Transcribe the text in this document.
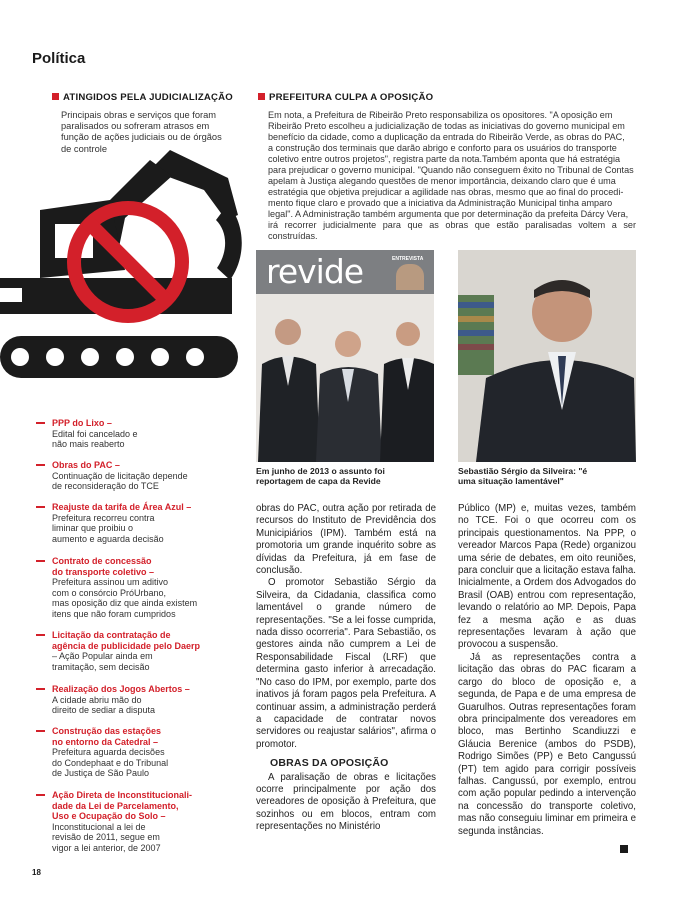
Política
ATINGIDOS PELA JUDICIALIZAÇÃO
Principais obras e serviços que foram
paralisados ou sofreram atrasos em
função de ações judiciais ou de órgãos
de controle
PPP do Lixo –
Edital foi cancelado e
não mais reaberto
Obras do PAC –
Continuação de licitação depende
de reconsideração do TCE
Reajuste da tarifa de Área Azul –
Prefeitura recorreu contra
liminar que proibiu o
aumento e aguarda decisão
Contrato de concessão
do transporte coletivo –
Prefeitura assinou um aditivo
com o consórcio PróUrbano,
mas oposição diz que ainda existem
itens que não foram cumpridos
Licitação da contratação de
agência de publicidade pelo Daerp
– Ação Popular ainda em
tramitação, sem decisão
Realização dos Jogos Abertos –
A cidade abriu mão do
direito de sediar a disputa
Construção das estações
no entorno da Catedral –
Prefeitura aguarda decisões
do Condephaat e do Tribunal
de Justiça de São Paulo
Ação Direta de Inconstitucionali-
dade da Lei de Parcelamento,
Uso e Ocupação do Solo –
Inconstitucional a lei de
revisão de 2011, segue em
vigor a lei anterior, de 2007
PREFEITURA CULPA A OPOSIÇÃO

Em nota, a Prefeitura de Ribeirão Preto responsabiliza os opositores. "A oposição em

Ribeirão Preto escolheu a judicialização de todas as iniciativas do governo municipal em

benefício da cidade, como a duplicação da entrada do Ribeirão Verde, as obras do PAC,

a construção dos terminais que darão abrigo e conforto para os usuários do transporte

coletivo entre outros projetos", registra parte da nota.Também aponta que há estratégia

para prejudicar o governo municipal. "Quando não conseguem êxito no Tribunal de Contas

apelam à Justiça alegando questões de menor importância, deixando claro que é uma

estratégia que objetiva prejudicar a agilidade nas obras, mesmo que ao final do procedi-

mento fique claro e provado que a iniciativa da Administração Municipal tinha amparo

legal". A Administração também argumenta que por determinação da prefeita Dárcy Vera,

irá recorrer judicialmente para que as obras que estão paralisadas voltem a ser construídas.

revide	ENTREVISTA
Em junho de 2013 o assunto foi
reportagem de capa da Revide
Sebastião Sérgio da Silveira: "é
uma situação lamentável"

obras do PAC, outra ação por retirada de recursos do Instituto de Previdência dos Municipiários (IPM). Também está na promotoria um grande inquérito sobre as dívidas da Prefeitura, já em fase de conclusão.

O promotor Sebastião Sérgio da Silveira, da Cidadania, classifica como lamentável o grande número de representações. "Se a lei fosse cumprida, nada disso ocorreria". Para Sebastião, os gestores ainda não cumprem a Lei de Responsabilidade Fiscal (LRF) que determina gasto inferior à arrecadação. "No caso do IPM, por exemplo, parte dos inativos já foram pagos pela Prefeitura. A continuar assim, a administração perderá a capacidade de contratar novos servidores ou reajustar salários", afirma o promotor.

OBRAS DA OPOSIÇÃO

A paralisação de obras e licitações ocorre principalmente por ação dos vereadores de oposição à Prefeitura, que sozinhos ou em blocos, entram com representações no Ministério

Público (MP) e, muitas vezes, também no TCE. Foi o que ocorreu com os principais questionamentos. Na PPP, o vereador Marcos Papa (Rede) organizou uma série de debates, em oito reuniões, para concluir que a licitação estava falha. Inicialmente, a Ordem dos Advogados do Brasil (OAB) entrou com representação, levando o relatório ao MP. Depois, Papa fez a mesma ação e as duas representações levaram à ação que provocou a suspensão.

Já as representações contra a licitação das obras do PAC ficaram a cargo do bloco de oposição e, a segunda, de Papa e de uma empresa de Guarulhos. Outras representações foram obra principalmente dos vereadores em bloco, mas Bertinho Scandiuzzi e Gláucia Berenice (ambos do PSDB), Rodrigo Simões (PP) e Beto Cangussú (PT) tem agido para corrigir possíveis falhas. Cangussú, por exemplo, entrou com ação popular pedindo a intervenção na concessão do transporte coletivo, mas não conseguiu liminar em primeira e segunda instâncias.

18
